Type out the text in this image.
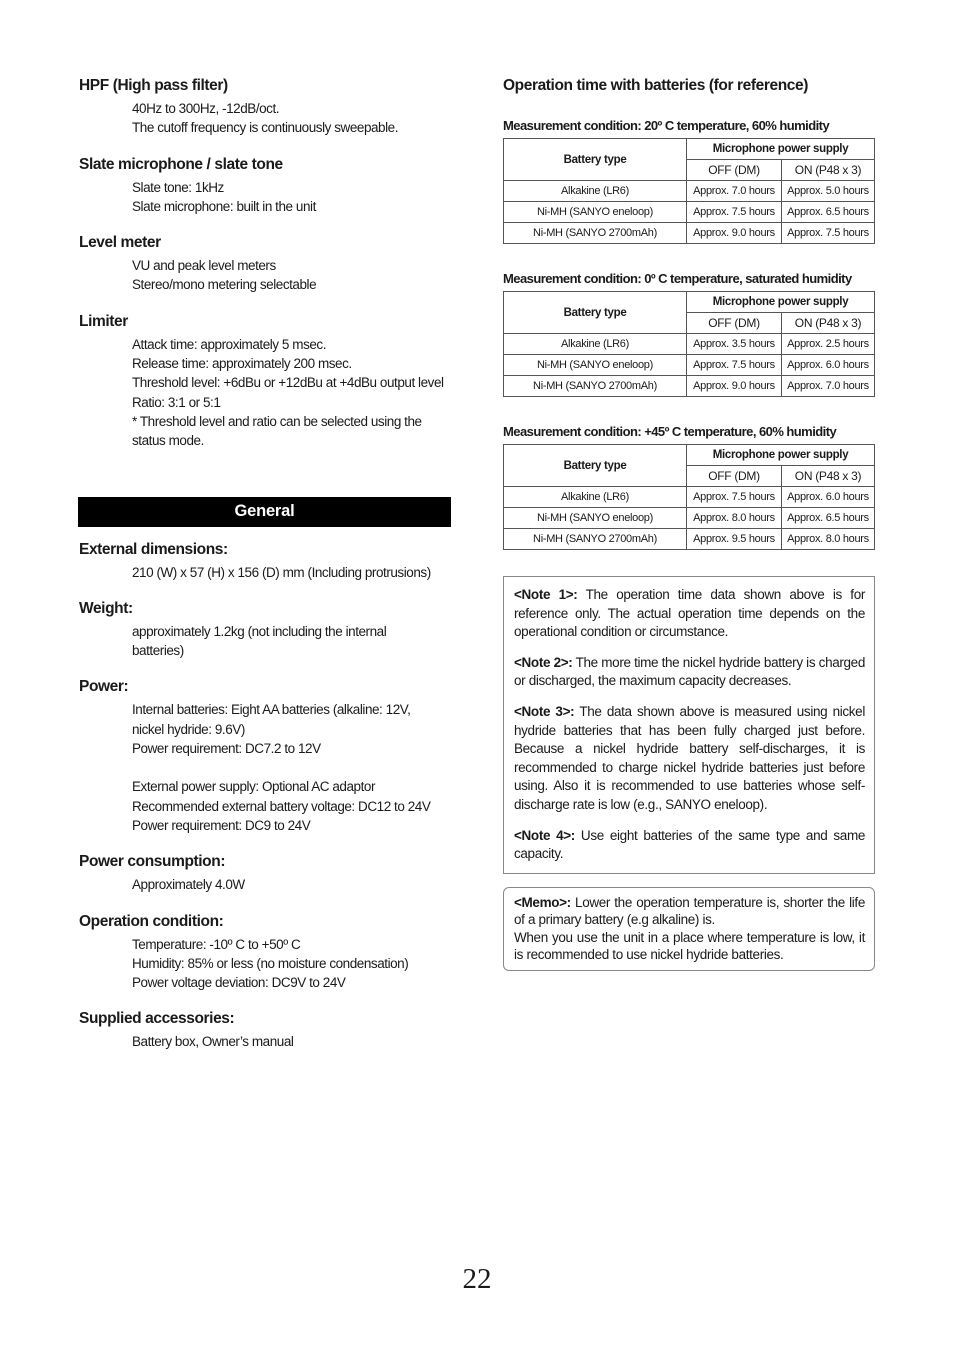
HPF (High pass filter)
40Hz to 300Hz, -12dB/oct.
The cutoff frequency is continuously sweepable.
Slate microphone / slate tone
Slate tone: 1kHz
Slate microphone: built in the unit
Level meter
VU and peak level meters
Stereo/mono metering selectable
Limiter
Attack time: approximately 5 msec.
Release time: approximately 200 msec.
Threshold level: +6dBu or +12dBu at +4dBu output level
Ratio: 3:1 or 5:1
* Threshold level and ratio can be selected using the
status mode.
General
External dimensions:
210 (W) x 57 (H) x 156 (D) mm (Including protrusions)
Weight:
approximately 1.2kg (not including the internal
batteries)
Power:
Internal batteries: Eight AA batteries (alkaline: 12V,
nickel hydride: 9.6V)
Power requirement: DC7.2 to 12V
External power supply: Optional AC adaptor
Recommended external battery voltage: DC12 to 24V
Power requirement: DC9 to 24V
Power consumption:
Approximately 4.0W
Operation condition:
Temperature: -10º C to +50º C
Humidity: 85% or less (no moisture condensation)
Power voltage deviation: DC9V to 24V
Supplied accessories:
Battery box, Owner’s manual
Operation time with batteries (for reference)
Measurement condition: 20º C temperature, 60% humidity
Battery type	Microphone power supply	
	OFF (DM)	ON (P48 x 3)
Alkakine (LR6)	Approx. 7.0 hours	Approx. 5.0 hours
Ni-MH (SANYO eneloop)	Approx. 7.5 hours	Approx. 6.5 hours
Ni-MH (SANYO 2700mAh)	Approx. 9.0 hours	Approx. 7.5 hours
Measurement condition: 0º C temperature, saturated humidity
Battery type	Microphone power supply	
	OFF (DM)	ON (P48 x 3)
Alkakine (LR6)	Approx. 3.5 hours	Approx. 2.5 hours
Ni-MH (SANYO eneloop)	Approx. 7.5 hours	Approx. 6.0 hours
Ni-MH (SANYO 2700mAh)	Approx. 9.0 hours	Approx. 7.0 hours
Measurement condition: +45º C temperature, 60% humidity
Battery type	Microphone power supply	
	OFF (DM)	ON (P48 x 3)
Alkakine (LR6)	Approx. 7.5 hours	Approx. 6.0 hours
Ni-MH (SANYO eneloop)	Approx. 8.0 hours	Approx. 6.5 hours
Ni-MH (SANYO 2700mAh)	Approx. 9.5 hours	Approx. 8.0 hours

<Note 1>: The operation time data shown above is for reference only. The actual operation time depends on the operational condition or circumstance.

<Note 2>: The more time the nickel hydride battery is charged or discharged, the maximum capacity decreases.

<Note 3>: The data shown above is measured using nickel hydride batteries that has been fully charged just before. Because a nickel hydride battery self-discharges, it is recommended to charge nickel hydride batteries just before using. Also it is recommended to use batteries whose self-discharge rate is low (e.g., SANYO eneloop).

<Note 4>: Use eight batteries of the same type and same capacity.

<Memo>: Lower the operation temperature is, shorter the life of a primary battery (e.g alkaline) is.
When you use the unit in a place where temperature is low, it is recommended to use nickel hydride batteries.
22
